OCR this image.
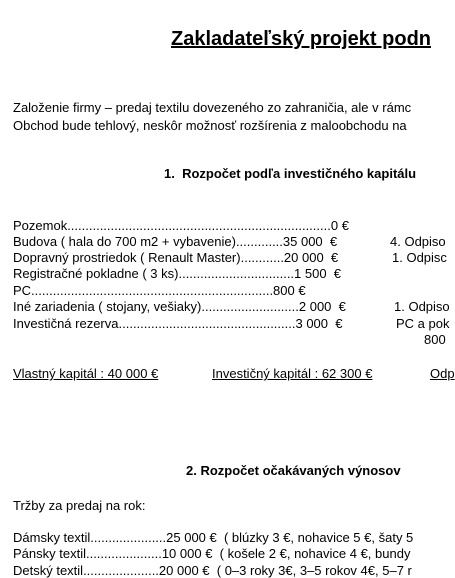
Zakladateľský projekt podn
Založenie firmy – predaj textilu dovezeného zo zahraničia, ale v rámc
Obchod bude tehlový, neskôr možnosť rozšírenia z maloobchodu na
1.  Rozpočet podľa investičného kapitálu
Pozemok.........................................................................0 €
Budova ( hala do 700 m2 + vybavenie).............35 000  €	4. Odpiso
Dopravný prostriedok ( Renault Master)............20 000  €	1. Odpisc
Registračné pokladne ( 3 ks)................................1 500  €
PC...................................................................800 €
Iné zariadenia ( stojany, vešiaky)...........................2 000  €	1. Odpiso
Investičná rezerva.................................................3 000  €	PC a pok
800
Vlastný kapitál : 40 000 €	Investičný kapitál : 62 300 €	Odp
2. Rozpočet očakávaných výnosov
Tržby za predaj na rok:
Dámsky textil.....................25 000 €  ( blúzky 3 €, nohavice 5 €, šaty 5
Pánsky textil.....................10 000 €  ( košele 2 €, nohavice 4 €, bundy
Detský textil.....................20 000 €  ( 0–3 roky 3€, 3–5 rokov 4€, 5–7 r
